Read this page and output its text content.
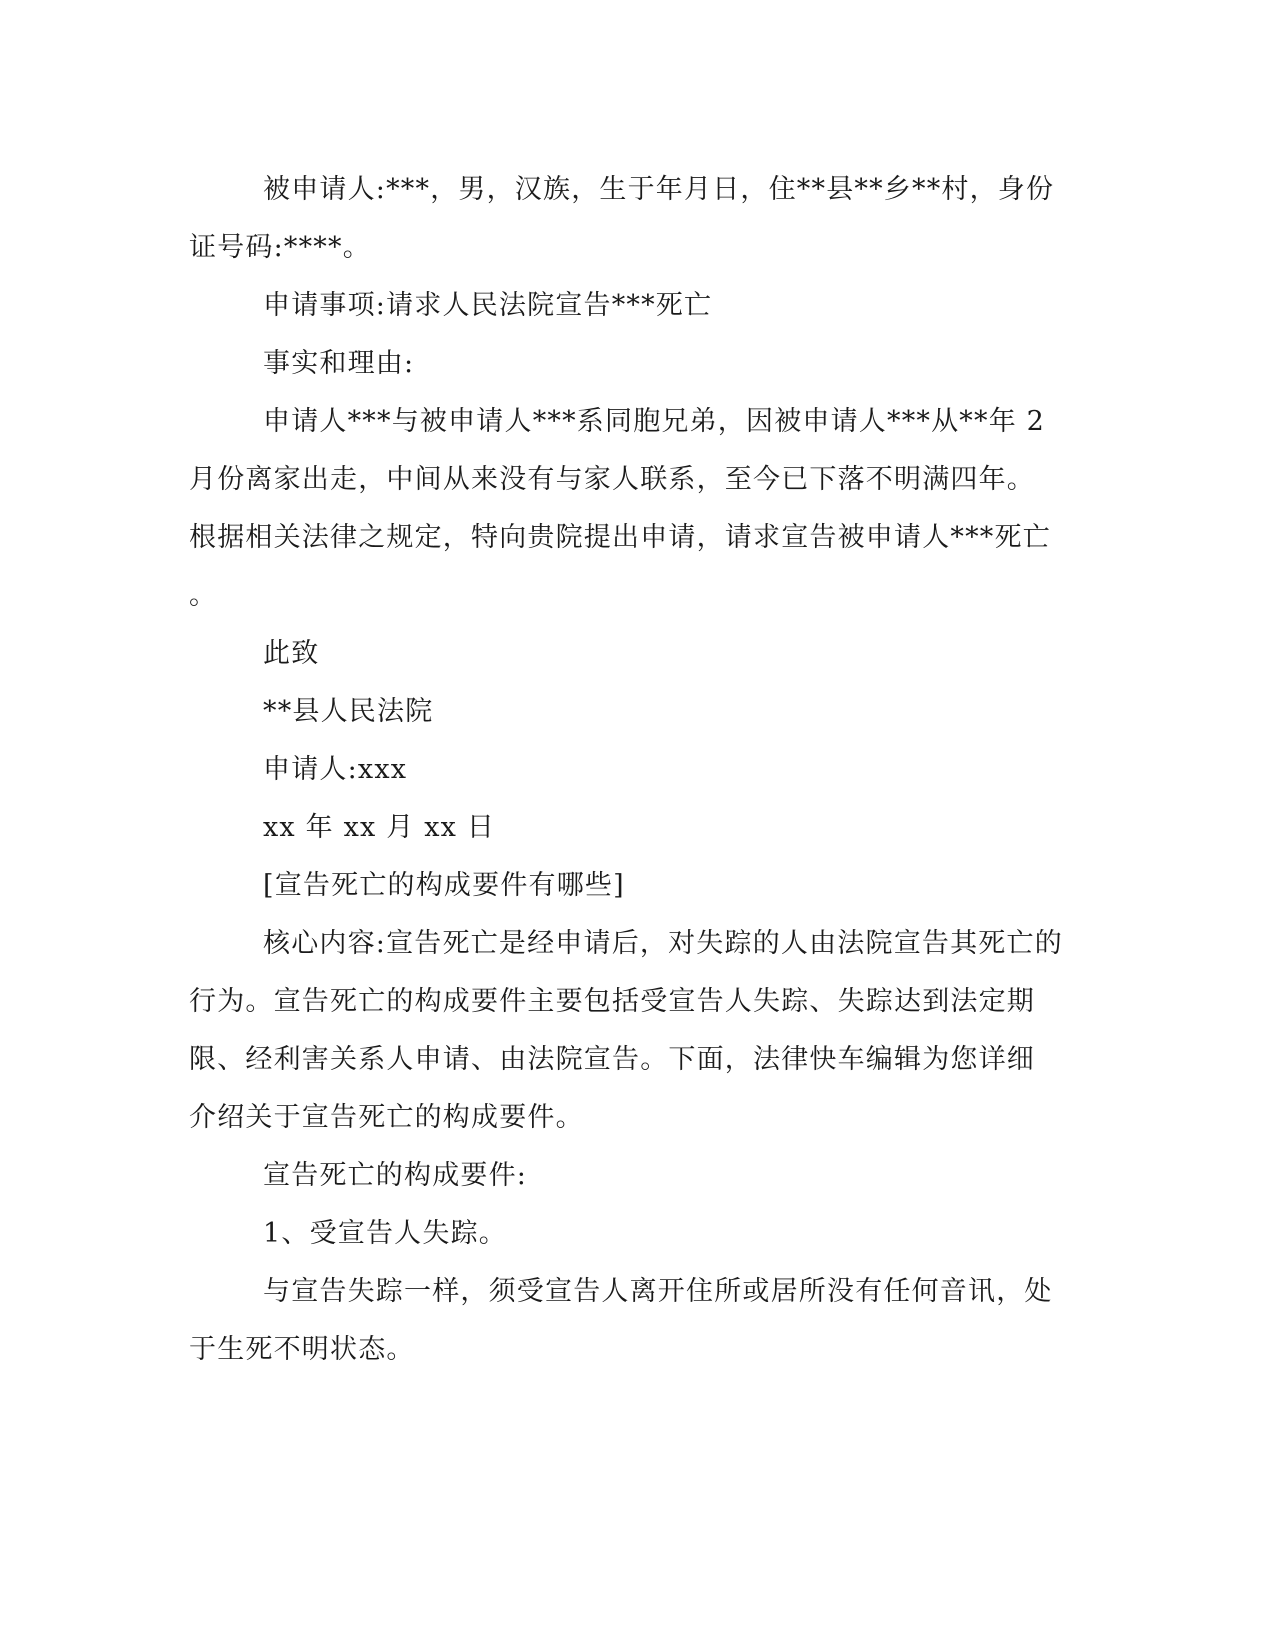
被申请人:***，男，汉族，生于年月日，住**县**乡**村，身份

证号码:****。

申请事项:请求人民法院宣告***死亡

事实和理由:

申请人***与被申请人***系同胞兄弟，因被申请人***从**年 2

月份离家出走，中间从来没有与家人联系，至今已下落不明满四年。

根据相关法律之规定，特向贵院提出申请，请求宣告被申请人***死亡

。

此致

**县人民法院

申请人:xxx

xx 年 xx 月 xx 日

[宣告死亡的构成要件有哪些]

核心内容:宣告死亡是经申请后，对失踪的人由法院宣告其死亡的

行为。宣告死亡的构成要件主要包括受宣告人失踪、失踪达到法定期

限、经利害关系人申请、由法院宣告。下面，法律快车编辑为您详细

介绍关于宣告死亡的构成要件。

宣告死亡的构成要件:

1、受宣告人失踪。

与宣告失踪一样，须受宣告人离开住所或居所没有任何音讯，处

于生死不明状态。
